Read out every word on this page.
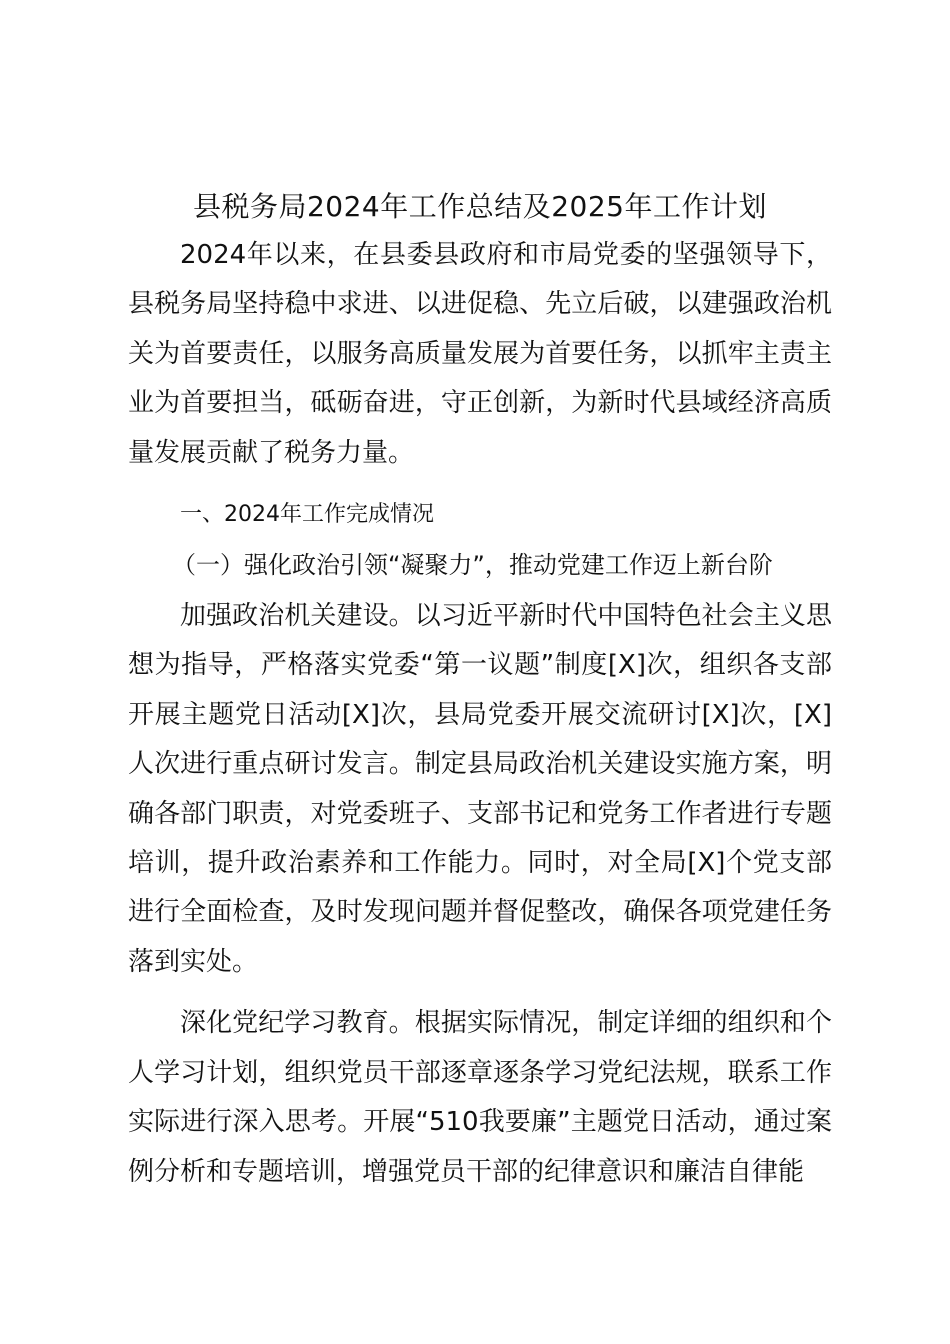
县税务局2024年工作总结及2025年工作计划

2024年以来，在县委县政府和市局党委的坚强领导下，县税务局坚持稳中求进、以进促稳、先立后破，以建强政治机关为首要责任，以服务高质量发展为首要任务，以抓牢主责主业为首要担当，砥砺奋进，守正创新，为新时代县域经济高质量发展贡献了税务力量。

一、2024年工作完成情况

（一）强化政治引领“凝聚力”，推动党建工作迈上新台阶

加强政治机关建设。以习近平新时代中国特色社会主义思想为指导，严格落实党委“第一议题”制度[X]次，组织各支部开展主题党日活动[X]次，县局党委开展交流研讨[X]次，[X]人次进行重点研讨发言。制定县局政治机关建设实施方案，明确各部门职责，对党委班子、支部书记和党务工作者进行专题培训，提升政治素养和工作能力。同时，对全局[X]个党支部进行全面检查，及时发现问题并督促整改，确保各项党建任务落到实处。

深化党纪学习教育。根据实际情况，制定详细的组织和个人学习计划，组织党员干部逐章逐条学习党纪法规，联系工作实际进行深入思考。开展“510我要廉”主题党日活动，通过案例分析和专题培训，增强党员干部的纪律意识和廉洁自律能
